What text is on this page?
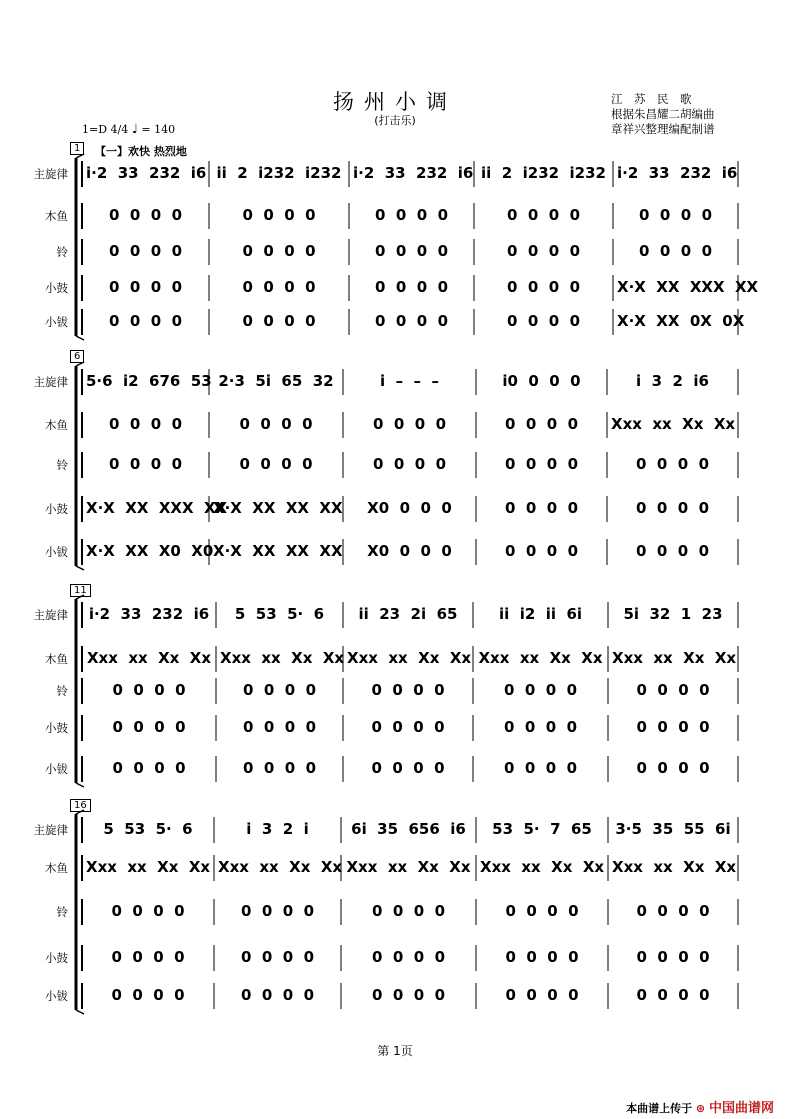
扬州小调
(打击乐)
江　苏　民　歌
根据朱昌耀二胡编曲
章祥兴整理编配制谱
1=D 4/4 ♩ = 140
【一】欢快 热烈地
1
主旋律
木鱼
铃
小鼓
小钹
i·2  33  232  i6
0  0  0  0
0  0  0  0
0  0  0  0
0  0  0  0
ii  2  i232  i232
0  0  0  0
0  0  0  0
0  0  0  0
0  0  0  0
i·2  33  232  i6
0  0  0  0
0  0  0  0
0  0  0  0
0  0  0  0
ii  2  i232  i232
0  0  0  0
0  0  0  0
0  0  0  0
0  0  0  0
i·2  33  232  i6
0  0  0  0
0  0  0  0
X·X  XX  XXX  XX
X·X  XX  0X  0X
6
主旋律
木鱼
铃
小鼓
小钹
5·6  i2  676  53
0  0  0  0
0  0  0  0
X·X  XX  XXX  XX
X·X  XX  X0  X0
2·3  5i  65  32
0  0  0  0
0  0  0  0
X·X  XX  XX  XX
X·X  XX  XX  XX
i  –  –  –
0  0  0  0
0  0  0  0
X0  0  0  0
X0  0  0  0
i0  0  0  0
0  0  0  0
0  0  0  0
0  0  0  0
0  0  0  0
i  3  2  i6
Xxx  xx  Xx  Xx
0  0  0  0
0  0  0  0
0  0  0  0
11
主旋律
木鱼
铃
小鼓
小钹
i·2  33  232  i6
Xxx  xx  Xx  Xx
0  0  0  0
0  0  0  0
0  0  0  0
5  53  5·  6
Xxx  xx  Xx  Xx
0  0  0  0
0  0  0  0
0  0  0  0
ii  23  2i  65
Xxx  xx  Xx  Xx
0  0  0  0
0  0  0  0
0  0  0  0
ii  i2  ii  6i
Xxx  xx  Xx  Xx
0  0  0  0
0  0  0  0
0  0  0  0
5i  32  1  23
Xxx  xx  Xx  Xx
0  0  0  0
0  0  0  0
0  0  0  0
16
主旋律
木鱼
铃
小鼓
小钹
5  53  5·  6
Xxx  xx  Xx  Xx
0  0  0  0
0  0  0  0
0  0  0  0
i  3  2  i
Xxx  xx  Xx  Xx
0  0  0  0
0  0  0  0
0  0  0  0
6i  35  656  i6
Xxx  xx  Xx  Xx
0  0  0  0
0  0  0  0
0  0  0  0
53  5·  7  65
Xxx  xx  Xx  Xx
0  0  0  0
0  0  0  0
0  0  0  0
3·5  35  55  6i
Xxx  xx  Xx  Xx
0  0  0  0
0  0  0  0
0  0  0  0
第 1页
本曲谱上传于 ⊛ 中国曲谱网
